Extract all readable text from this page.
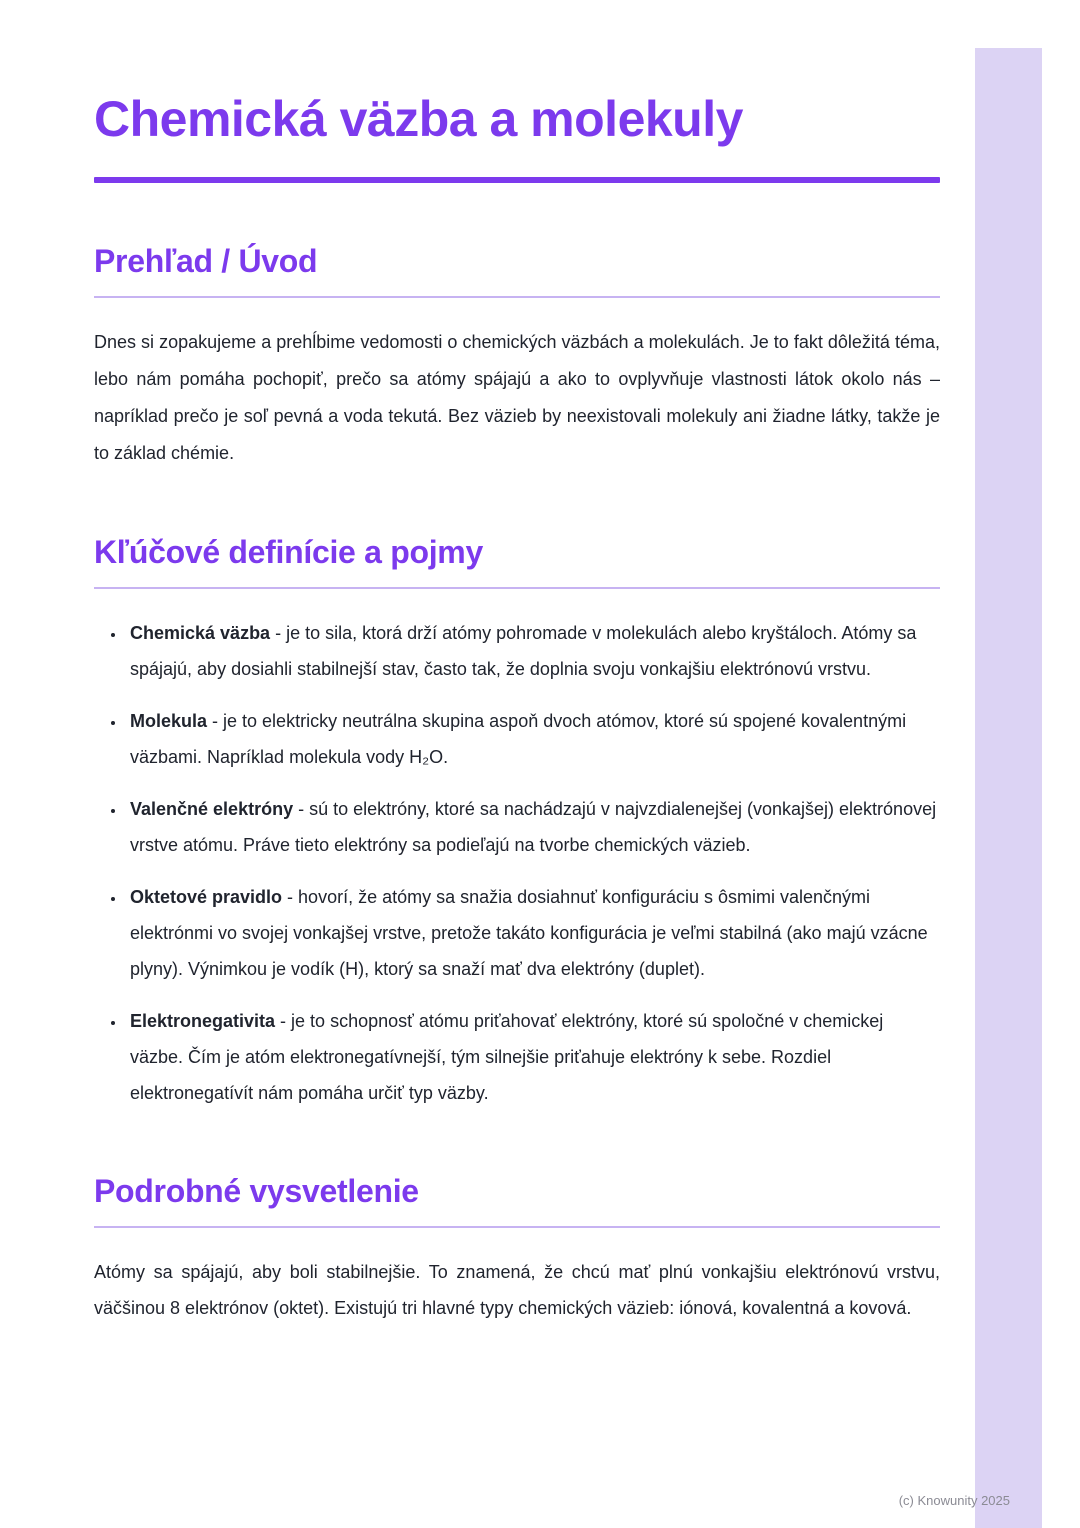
Chemická väzba a molekuly
Prehľad / Úvod

Dnes si zopakujeme a prehĺbime vedomosti o chemických väzbách a molekulách. Je to fakt dôležitá téma, lebo nám pomáha pochopiť, prečo sa atómy spájajú a ako to ovplyvňuje vlastnosti látok okolo nás – napríklad prečo je soľ pevná a voda tekutá. Bez väzieb by neexistovali molekuly ani žiadne látky, takže je to základ chémie.

Kľúčové definície a pojmy
• Chemická väzba - je to sila, ktorá drží atómy pohromade v molekulách alebo kryštáloch. Atómy sa spájajú, aby dosiahli stabilnejší stav, často tak, že doplnia svoju vonkajšiu elektrónovú vrstvu.
• Molekula - je to elektricky neutrálna skupina aspoň dvoch atómov, ktoré sú spojené kovalentnými väzbami. Napríklad molekula vody H₂O.
• Valenčné elektróny - sú to elektróny, ktoré sa nachádzajú v najvzdialenejšej (vonkajšej) elektrónovej vrstve atómu. Práve tieto elektróny sa podieľajú na tvorbe chemických väzieb.
• Oktetové pravidlo - hovorí, že atómy sa snažia dosiahnuť konfiguráciu s ôsmimi valenčnými elektrónmi vo svojej vonkajšej vrstve, pretože takáto konfigurácia je veľmi stabilná (ako majú vzácne plyny). Výnimkou je vodík (H), ktorý sa snaží mať dva elektróny (duplet).
• Elektronegativita - je to schopnosť atómu priťahovať elektróny, ktoré sú spoločné v chemickej väzbe. Čím je atóm elektronegatívnejší, tým silnejšie priťahuje elektróny k sebe. Rozdiel elektronegatívít nám pomáha určiť typ väzby.
Podrobné vysvetlenie

Atómy sa spájajú, aby boli stabilnejšie. To znamená, že chcú mať plnú vonkajšiu elektrónovú vrstvu, väčšinou 8 elektrónov (oktet). Existujú tri hlavné typy chemických väzieb: iónová, kovalentná a kovová.

(c) Knowunity 2025
